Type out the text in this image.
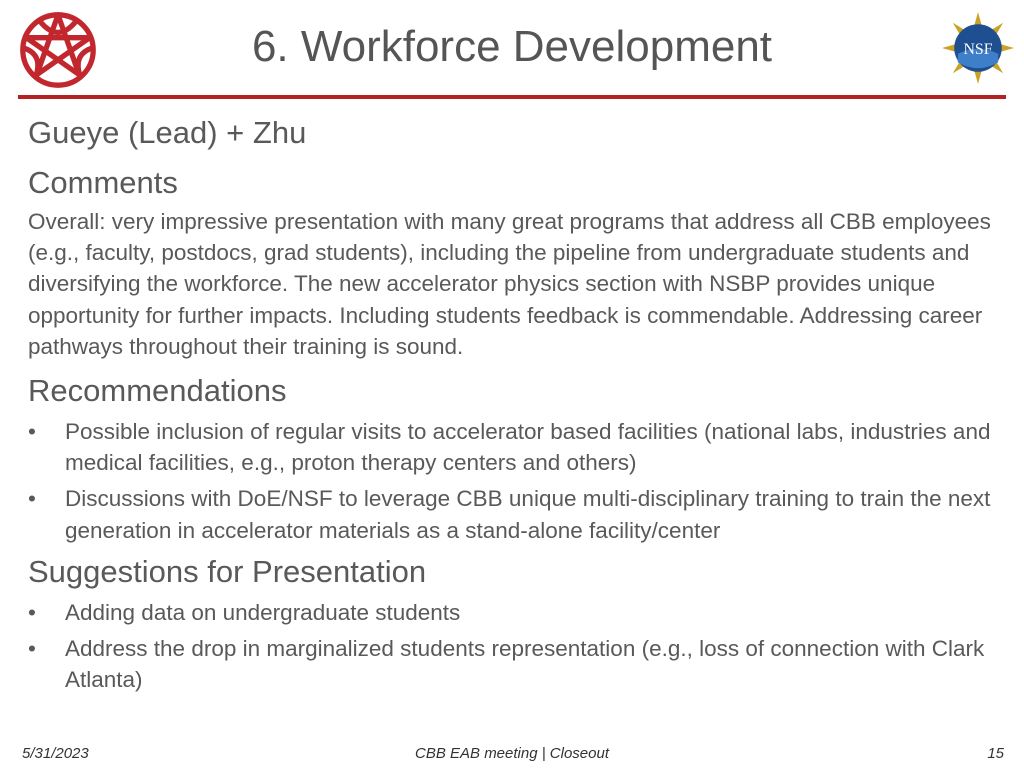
6. Workforce Development	NSF

Gueye (Lead) + Zhu

Comments

Overall: very impressive presentation with many great programs that address all CBB employees (e.g., faculty, postdocs, grad students), including the pipeline from undergraduate students and diversifying the workforce. The new accelerator physics section with NSBP provides unique opportunity for further impacts. Including students feedback is commendable. Addressing career pathways throughout their training is sound.

Recommendations

• Possible inclusion of regular visits to accelerator based facilities (national labs, industries and medical facilities, e.g., proton therapy centers and others)
• Discussions with DoE/NSF to leverage CBB unique multi-disciplinary training to train the next generation in accelerator materials as a stand-alone facility/center

Suggestions for Presentation

• Adding data on undergraduate students
• Address the drop in marginalized students representation (e.g., loss of connection with Clark Atlanta)
5/31/2023	CBB EAB meeting | Closeout	15
